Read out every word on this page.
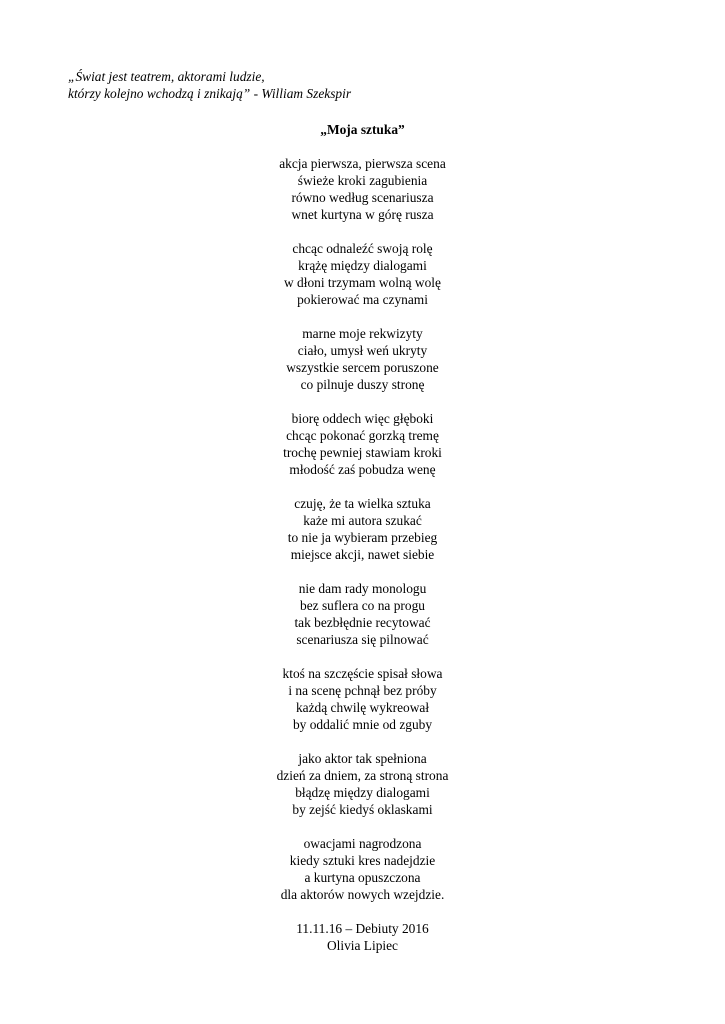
„Świat jest teatrem, aktorami ludzie,
którzy kolejno wchodzą i znikają” - William Szekspir
„Moja sztuka”
akcja pierwsza, pierwsza scena
świeże kroki zagubienia
równo według scenariusza
wnet kurtyna w górę rusza
chcąc odnaleźć swoją rolę
krążę między dialogami
w dłoni trzymam wolną wolę
pokierować ma czynami
marne moje rekwizyty
ciało, umysł weń ukryty
wszystkie sercem poruszone
co pilnuje duszy stronę
biorę oddech więc głęboki
chcąc pokonać gorzką tremę
trochę pewniej stawiam kroki
młodość zaś pobudza wenę
czuję, że ta wielka sztuka
każe mi autora szukać
to nie ja wybieram przebieg
miejsce akcji, nawet siebie
nie dam rady monologu
bez suflera co na progu
tak bezbłędnie recytować
scenariusza się pilnować
ktoś na szczęście spisał słowa
i na scenę pchnął bez próby
każdą chwilę wykreował
by oddalić mnie od zguby
jako aktor tak spełniona
dzień za dniem, za stroną strona
błądzę między dialogami
by zejść kiedyś oklaskami
owacjami nagrodzona
kiedy sztuki kres nadejdzie
a kurtyna opuszczona
dla aktorów nowych wzejdzie.
11.11.16 – Debiuty 2016
Olivia Lipiec
